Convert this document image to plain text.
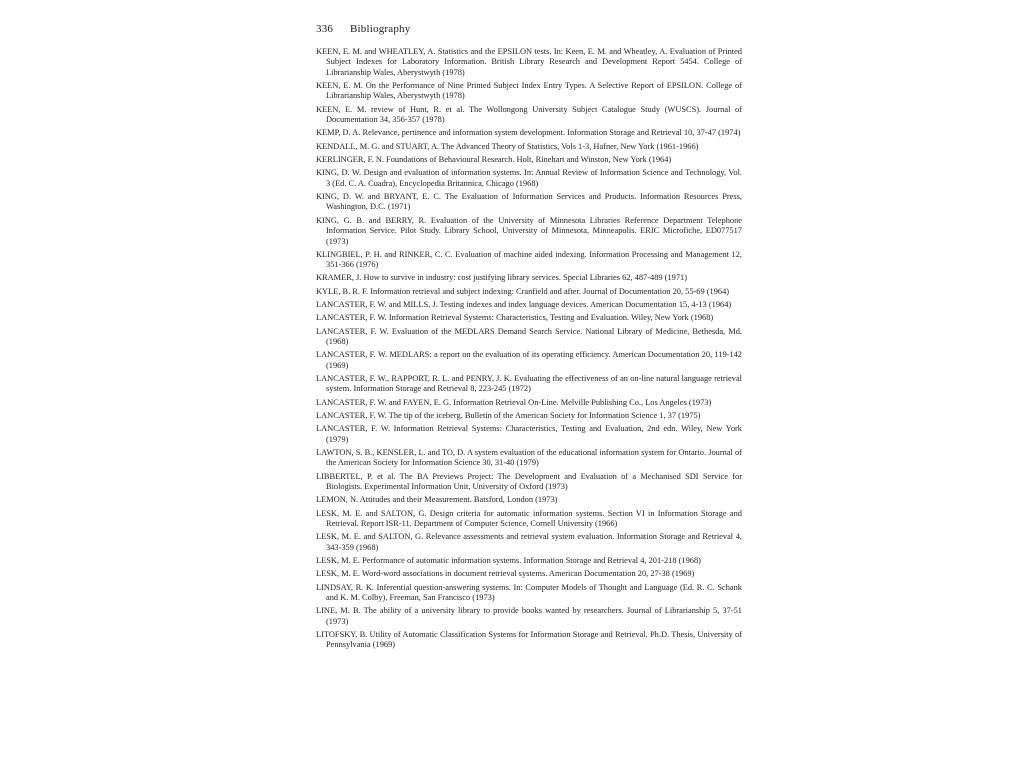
336 Bibliography

KEEN, E. M. and WHEATLEY, A. Statistics and the EPSILON tests. In: Keen, E. M. and Wheatley, A. Evaluation of Printed Subject Indexes for Laboratory Information. British Library Research and Development Report 5454. College of Librarianship Wales, Aberystwyth (1978)

KEEN, E. M. On the Performance of Nine Printed Subject Index Entry Types. A Selective Report of EPSILON. College of Librarianship Wales, Aberystwyth (1978)

KEEN, E. M. review of Hunt, R. et al. The Wollongong University Subject Catalogue Study (WUSCS). Journal of Documentation 34, 356-357 (1978)

KEMP, D. A. Relevance, pertinence and information system development. Information Storage and Retrieval 10, 37-47 (1974)

KENDALL, M. G. and STUART, A. The Advanced Theory of Statistics, Vols 1-3, Hafner, New York (1961-1966)

KERLINGER, F. N. Foundations of Behavioural Research. Holt, Rinehart and Winston, New York (1964)

KING, D. W. Design and evaluation of information systems. In: Annual Review of Information Science and Technology, Vol. 3 (Ed. C. A. Cuadra), Encyclopedia Britannica, Chicago (1968)

KING, D. W. and BRYANT, E. C. The Evaluation of Information Services and Products. Information Resources Press, Washington, D.C. (1971)

KING, G. B. and BERRY, R. Evaluation of the University of Minnesota Libraries Reference Department Telephone Information Service. Pilot Study. Library School, University of Minnesota, Minneapolis. ERIC Microfiche, ED077517 (1973)

KLINGBIEL, P. H. and RINKER, C. C. Evaluation of machine aided indexing. Information Processing and Management 12, 351-366 (1976)

KRAMER, J. How to survive in industry: cost justifying library services. Special Libraries 62, 487-489 (1971)

KYLE, B. R. F. Information retrieval and subject indexing: Cranfield and after. Journal of Documentation 20, 55-69 (1964)

LANCASTER, F. W. and MILLS, J. Testing indexes and index language devices. American Documentation 15, 4-13 (1964)

LANCASTER, F. W. Information Retrieval Systems: Characteristics, Testing and Evaluation. Wiley, New York (1968)

LANCASTER, F. W. Evaluation of the MEDLARS Demand Search Service. National Library of Medicine, Bethesda, Md. (1968)

LANCASTER, F. W. MEDLARS: a report on the evaluation of its operating efficiency. American Documentation 20, 119-142 (1969)

LANCASTER, F. W., RAPPORT, R. L. and PENRY, J. K. Evaluating the effectiveness of an on-line natural language retrieval system. Information Storage and Retrieval 8, 223-245 (1972)

LANCASTER, F. W. and FAYEN, E. G. Information Retrieval On-Line. Melville Publishing Co., Los Angeles (1973)

LANCASTER, F. W. The tip of the iceberg. Bulletin of the American Society for Information Science 1, 37 (1975)

LANCASTER, F. W. Information Retrieval Systems: Characteristics, Testing and Evaluation, 2nd edn. Wiley, New York (1979)

LAWTON, S. B., KENSLER, L. and TO, D. A system evaluation of the educational information system for Ontario. Journal of the American Society for Information Science 30, 31-40 (1979)

LIBBERTEL, P. et al. The BA Previews Project: The Development and Evaluation of a Mechanised SDI Service for Biologists. Experimental Information Unit, University of Oxford (1973)

LEMON, N. Attitudes and their Measurement. Batsford, London (1973)

LESK, M. E. and SALTON, G. Design criteria for automatic information systems. Section VI in Information Storage and Retrieval. Report ISR-11. Department of Computer Science, Cornell University (1966)

LESK, M. E. and SALTON, G. Relevance assessments and retrieval system evaluation. Information Storage and Retrieval 4, 343-359 (1968)

LESK, M. E. Performance of automatic information systems. Information Storage and Retrieval 4, 201-218 (1968)

LESK, M. E. Word-word associations in document retrieval systems. American Documentation 20, 27-38 (1969)

LINDSAY, R. K. Inferential question-answering systems. In: Computer Models of Thought and Language (Ed. R. C. Schank and K. M. Colby), Freeman, San Francisco (1973)

LINE, M. B. The ability of a university library to provide books wanted by researchers. Journal of Librarianship 5, 37-51 (1973)

LITOFSKY, B. Utility of Automatic Classification Systems for Information Storage and Retrieval. Ph.D. Thesis, University of Pennsylvania (1969)
